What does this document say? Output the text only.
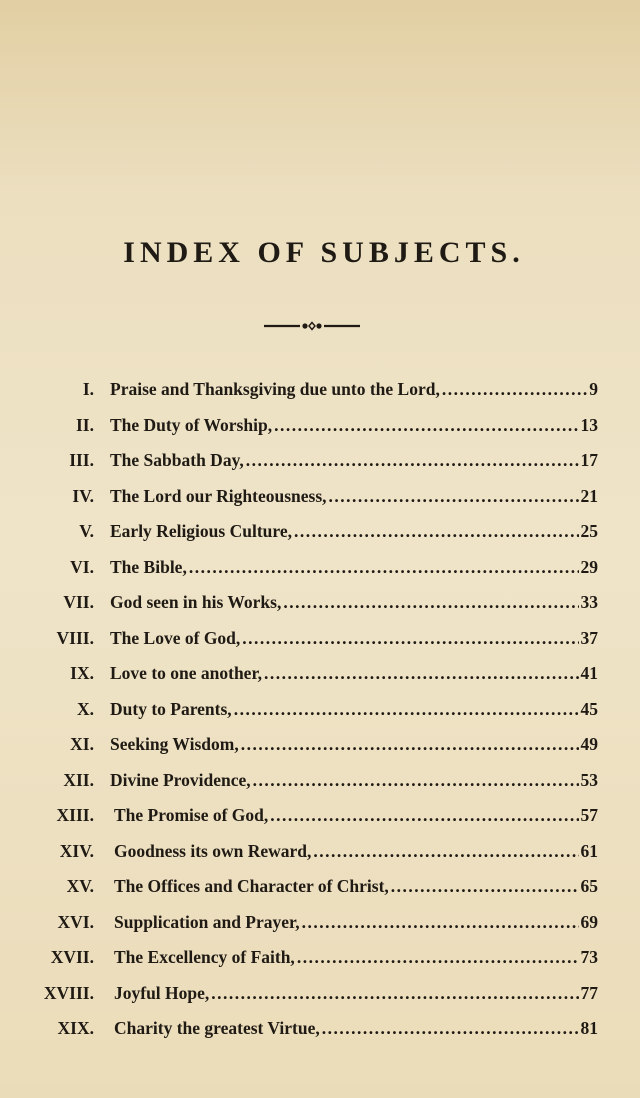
INDEX OF SUBJECTS.
I. Praise and Thanksgiving due unto the Lord, .....	9
II. The Duty of Worship, .....	13
III. The Sabbath Day, .....	17
IV. The Lord our Righteousness, .....	21
V. Early Religious Culture, .....	25
VI. The Bible, .....	29
VII. God seen in his Works, .....	33
VIII. The Love of God, .....	37
IX. Love to one another, .....	41
X. Duty to Parents, .....	45
XI. Seeking Wisdom, .....	49
XII. Divine Providence, .....	53
XIII. The Promise of God, .....	57
XIV. Goodness its own Reward, .....	61
XV. The Offices and Character of Christ, .....	65
XVI. Supplication and Prayer, .....	69
XVII. The Excellency of Faith, .....	73
XVIII. Joyful Hope, .....	77
XIX. Charity the greatest Virtue, .....	81
